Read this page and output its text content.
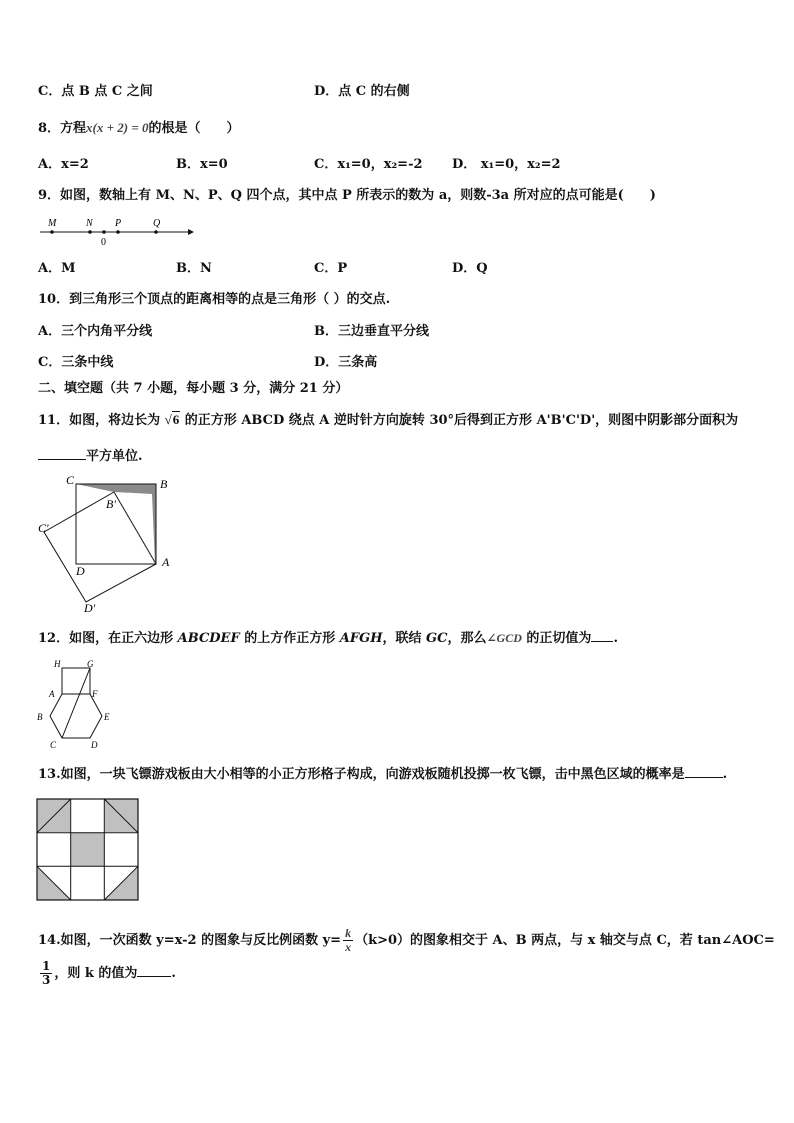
C．点 B 点 C 之间	D．点 C 的右侧
8．方程x(x + 2) = 0的根是（　　）
A．x=2	B．x=0	C．x₁=0，x₂=-2 D． x₁=0，x₂=2
9．如图，数轴上有 M、N、P、Q 四个点，其中点 P 所表示的数为 a，则数-3a 所对应的点可能是(　　)
M	N P	Q
0
A．M	B．N	C．P	D．Q
10．到三角形三个顶点的距离相等的点是三角形（ ）的交点.
A．三个内角平分线	B．三边垂直平分线
C．三条中线	D．三条高
二、填空题（共 7 小题，每小题 3 分，满分 21 分）
11．如图，将边长为 √6 的正方形 ABCD 绕点 A 逆时针方向旋转 30°后得到正方形 A'B'C'D'，则图中阴影部分面积为
平方单位.
C	B
B'
C'
D
A
D'
12．如图，在正六边形 ABCDEF 的上方作正方形 AFGH，联结 GC，那么∠GCD 的正切值为 .
H	G
A	F
B	E
C	D
13.如图，一块飞镖游戏板由大小相等的小正方形格子构成，向游戏板随机投掷一枚飞镖，击中黑色区域的概率是	.
14.如图，一次函数 y=x-2 的图象与反比例函数 $y= \frac{k}{x} (k>0)$的图象相交于 A、B 两点，与 x 轴交与点 C，若 tan∠AOC=
$\frac{1}{3}$ ，则 k 的值为	.
